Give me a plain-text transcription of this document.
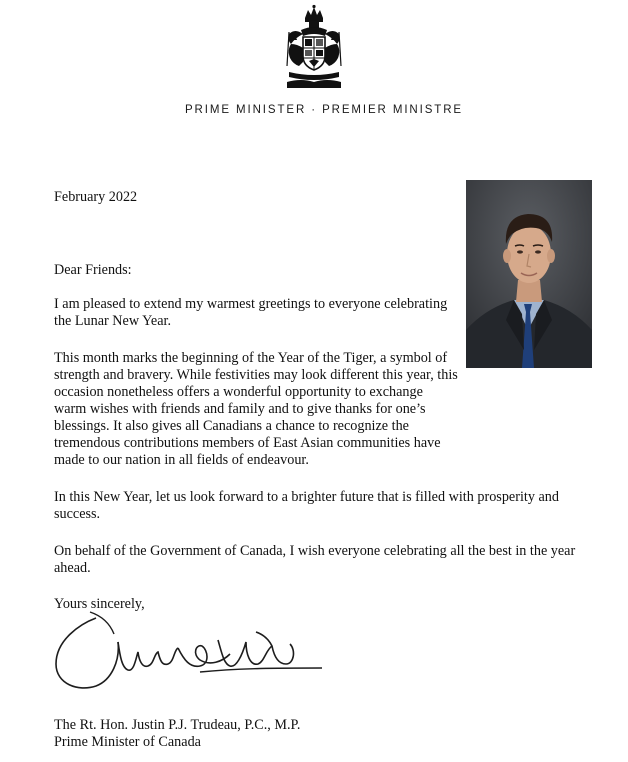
PRIME MINISTER · PREMIER MINISTRE

February 2022

Dear Friends:

I am pleased to extend my warmest greetings to everyone celebrating the Lunar New Year.

This month marks the beginning of the Year of the Tiger, a symbol of strength and bravery. While festivities may look different this year, this occasion nonetheless offers a wonderful opportunity to exchange warm wishes with friends and family and to give thanks for one’s blessings. It also gives all Canadians a chance to recognize the tremendous contributions members of East Asian communities have made to our nation in all fields of endeavour.

In this New Year, let us look forward to a brighter future that is filled with prosperity and success.

On behalf of the Government of Canada, I wish everyone celebrating all the best in the year ahead.

Yours sincerely,

The Rt. Hon. Justin P.J. Trudeau, P.C., M.P.

Prime Minister of Canada
